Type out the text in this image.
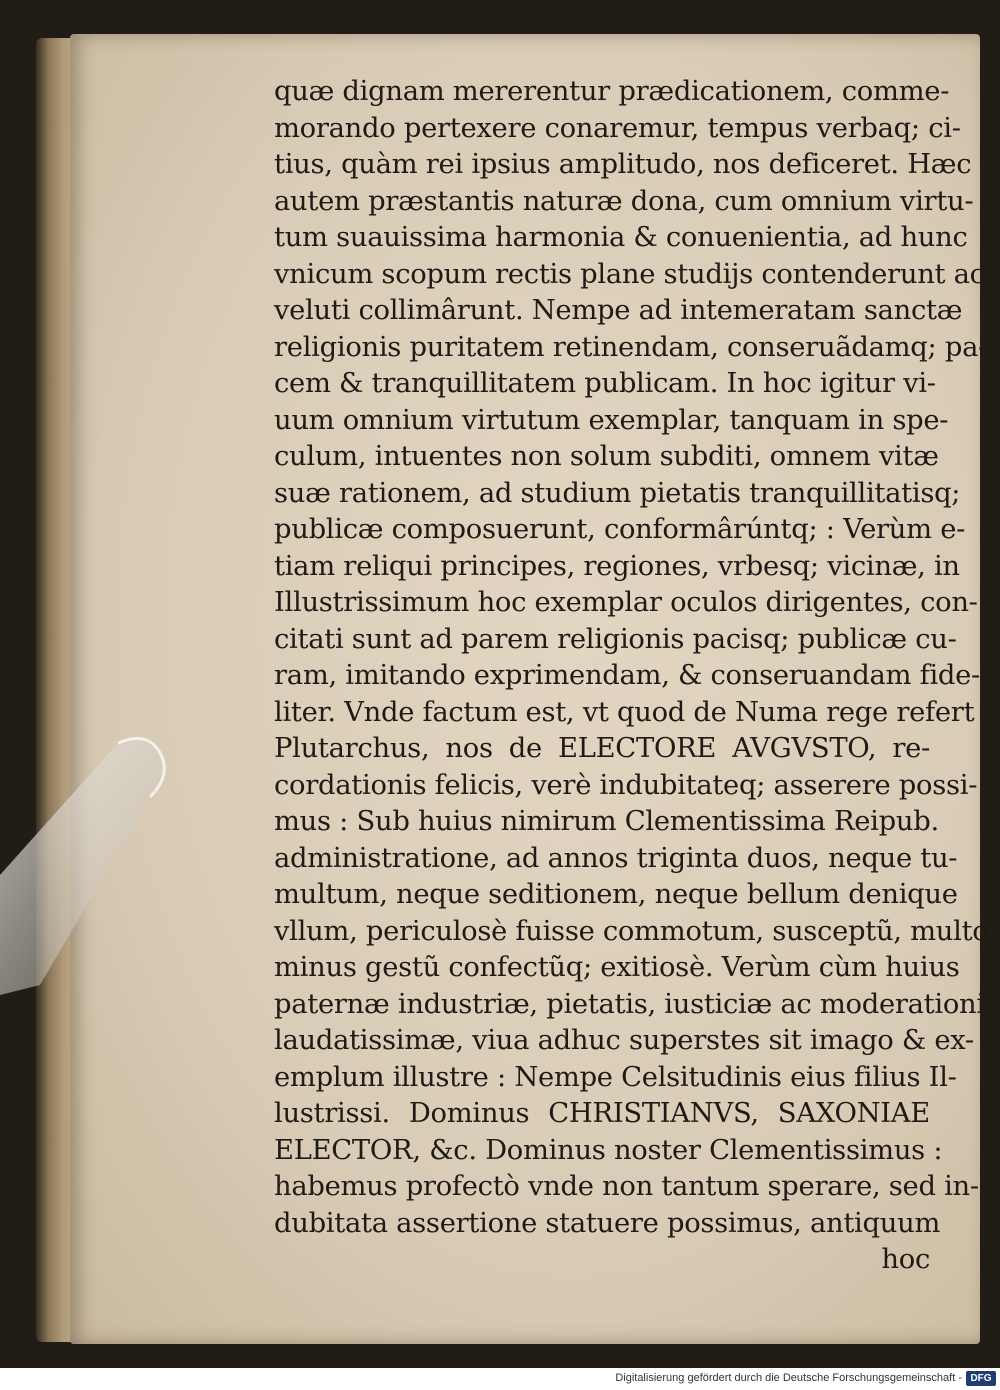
quæ dignam mererentur prædicationem, comme-
morando pertexere conaremur, tempus verbaq; ci-
tius, quàm rei ipsius amplitudo, nos deficeret. Hæc
autem præstantis naturæ dona, cum omnium virtu-
tum suauissima harmonia & conuenientia, ad hunc
vnicum scopum rectis plane studijs contenderunt ac
veluti collimârunt. Nempe ad intemeratam sanctæ
religionis puritatem retinendam, conseruãdamq; pa-
cem & tranquillitatem publicam. In hoc igitur vi-
uum omnium virtutum exemplar, tanquam in spe-
culum, intuentes non solum subditi, omnem vitæ
suæ rationem, ad studium pietatis tranquillitatisq;
publicæ composuerunt, conformârúntq; : Verùm e-
tiam reliqui principes, regiones, vrbesq; vicinæ, in
Illustrissimum hoc exemplar oculos dirigentes, con-
citati sunt ad parem religionis pacisq; publicæ cu-
ram, imitando exprimendam, & conseruandam fide-
liter. Vnde factum est, vt quod de Numa rege refert
Plutarchus, nos de ELECTORE AVGVSTO, re-
cordationis felicis, verè indubitateq; asserere possi-
mus : Sub huius nimirum Clementissima Reipub.
administratione, ad annos triginta duos, neque tu-
multum, neque seditionem, neque bellum denique
vllum, periculosè fuisse commotum, susceptũ, multo
minus gestũ confectũq; exitiosè. Verùm cùm huius
paternæ industriæ, pietatis, iusticiæ ac moderationis
laudatissimæ, viua adhuc superstes sit imago & ex-
emplum illustre : Nempe Celsitudinis eius filius Il-
lustrissi. Dominus CHRISTIANVS, SAXONIAE
ELECTOR, &c. Dominus noster Clementissimus :
habemus profectò vnde non tantum sperare, sed in-
dubitata assertione statuere possimus, antiquum
hoc
Digitalisierung gefördert durch die Deutsche Forschungsgemeinschaft - DFG
